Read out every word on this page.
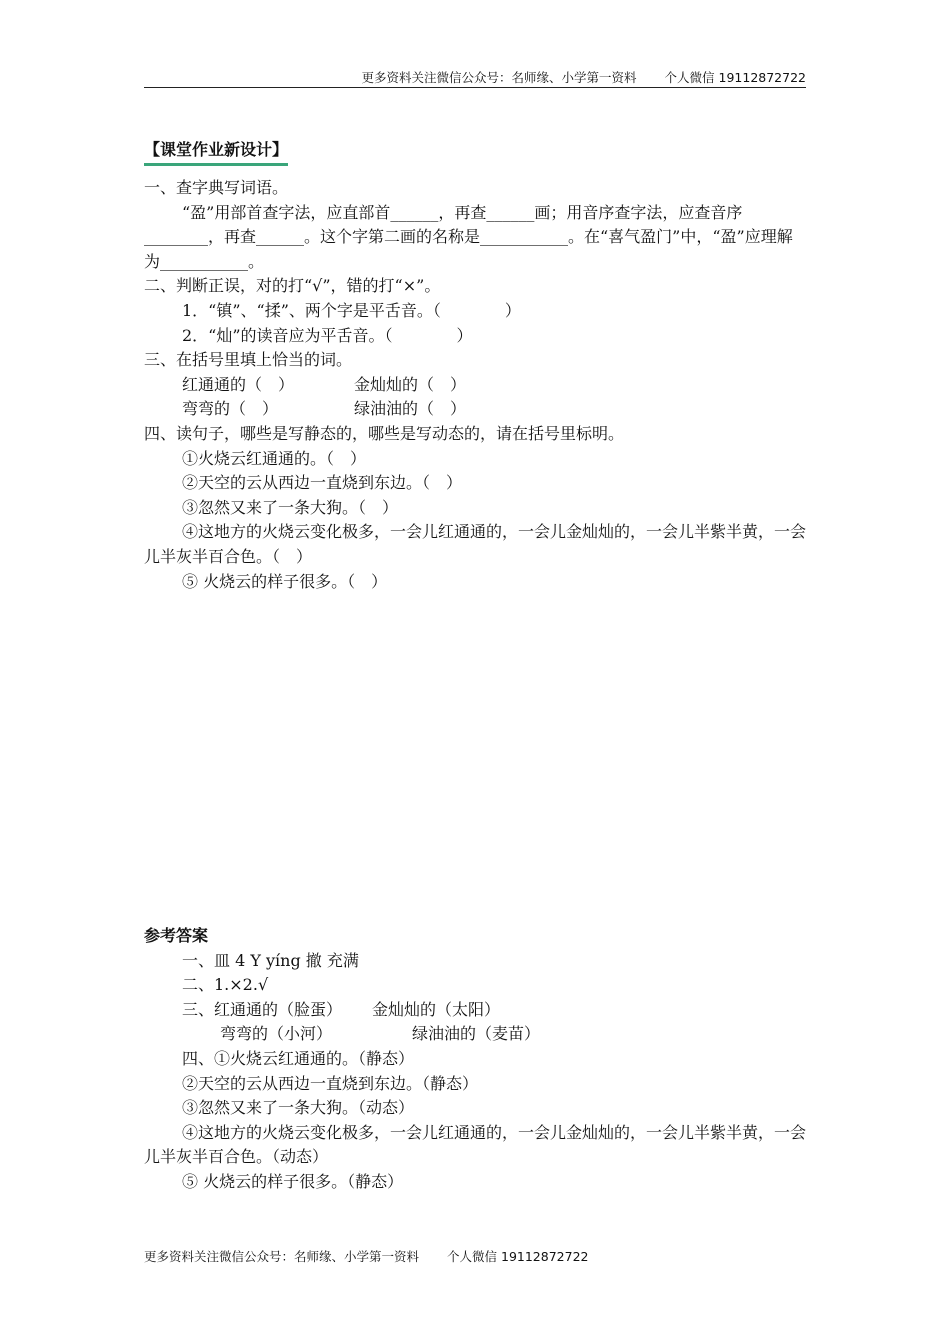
更多资料关注微信公众号：名师缘、小学第一资料 个人微信 19112872722
【课堂作业新设计】
一、查字典写词语。
“盈”用部首查字法，应直部首______，再查______画；用音序查字法，应查音序________，再查______。这个字第二画的名称是___________。在“喜气盈门”中，“盈”应理解为___________。
二、判断正误，对的打“√”，错的打“×”。
1．“镇”、“揉”、两个字是平舌音。（　　　　）
2．“灿”的读音应为平舌音。（　　　　）
三、在括号里填上恰当的词。
红通通的（　）	金灿灿的（　）
弯弯的（　）	绿油油的（　）
四、读句子，哪些是写静态的，哪些是写动态的，请在括号里标明。
①火烧云红通通的。（　）
②天空的云从西边一直烧到东边。（　）
③忽然又来了一条大狗。（　）
④这地方的火烧云变化极多，一会儿红通通的，一会儿金灿灿的，一会儿半紫半黄，一会儿半灰半百合色。（　）
⑤ 火烧云的样子很多。（　）
参考答案
一、皿 4 Y yíng 撤 充满
二、1.×2.√
三、红通通的（脸蛋） 金灿灿的（太阳）
弯弯的（小河）	绿油油的（麦苗）
四、①火烧云红通通的。（静态）
②天空的云从西边一直烧到东边。（静态）
③忽然又来了一条大狗。（动态）
④这地方的火烧云变化极多，一会儿红通通的，一会儿金灿灿的，一会儿半紫半黄，一会儿半灰半百合色。（动态）
⑤ 火烧云的样子很多。（静态）
更多资料关注微信公众号：名师缘、小学第一资料 个人微信 19112872722
